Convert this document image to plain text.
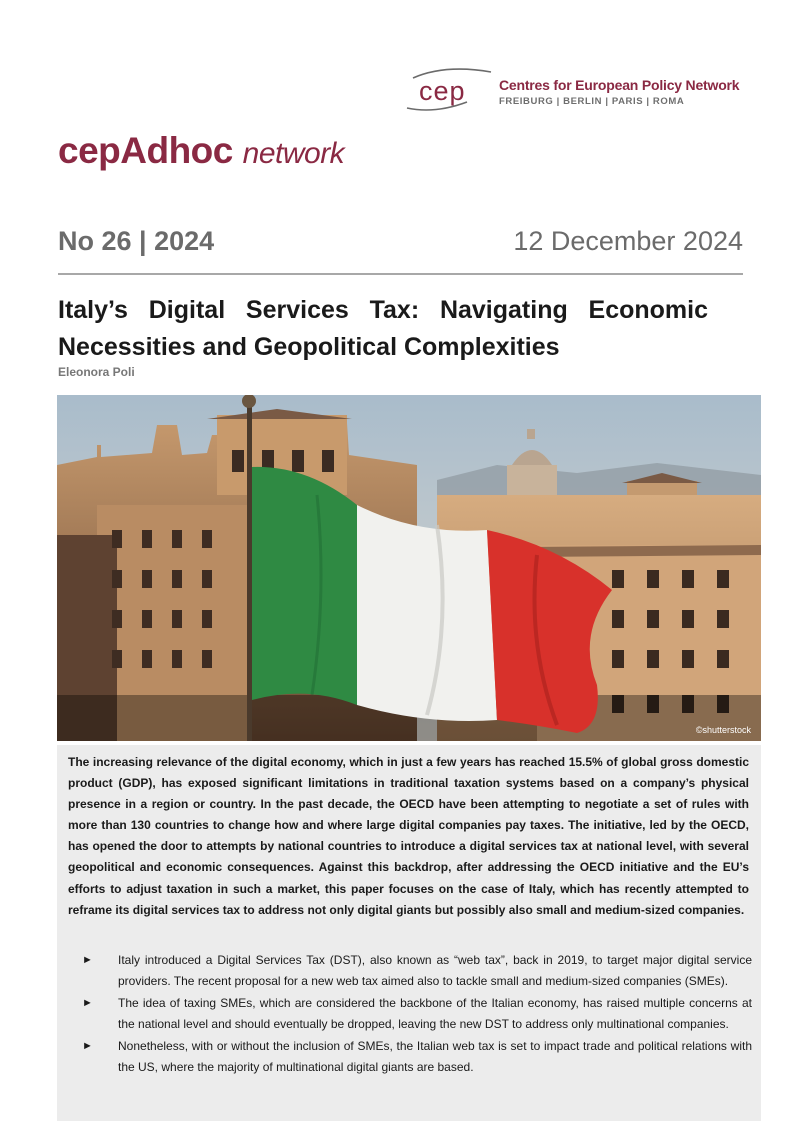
cep Centres for European Policy Network
FREIBURG | BERLIN | PARIS | ROMA
cepAdhoc network
No 26 | 2024	12 December 2024
Italy’s Digital Services Tax: Navigating Economic Necessities and Geopolitical Complexities
Eleonora Poli
©shutterstock

The increasing relevance of the digital economy, which in just a few years has reached 15.5% of global gross domestic product (GDP), has exposed significant limitations in traditional taxation systems based on a company’s physical presence in a region or country. In the past decade, the OECD have been attempting to negotiate a set of rules with more than 130 countries to change how and where large digital companies pay taxes. The initiative, led by the OECD, has opened the door to attempts by national countries to introduce a digital services tax at national level, with several geopolitical and economic consequences. Against this backdrop, after addressing the OECD initiative and the EU’s efforts to adjust taxation in such a market, this paper focuses on the case of Italy, which has recently attempted to reframe its digital services tax to address not only digital giants but possibly also small and medium-sized companies.

► Italy introduced a Digital Services Tax (DST), also known as “web tax”, back in 2019, to target major digital service providers. The recent proposal for a new web tax aimed also to tackle small and medium-sized companies (SMEs).
► The idea of taxing SMEs, which are considered the backbone of the Italian economy, has raised multiple concerns at the national level and should eventually be dropped, leaving the new DST to address only multinational companies.
► Nonetheless, with or without the inclusion of SMEs, the Italian web tax is set to impact trade and political relations with the US, where the majority of multinational digital giants are based.
